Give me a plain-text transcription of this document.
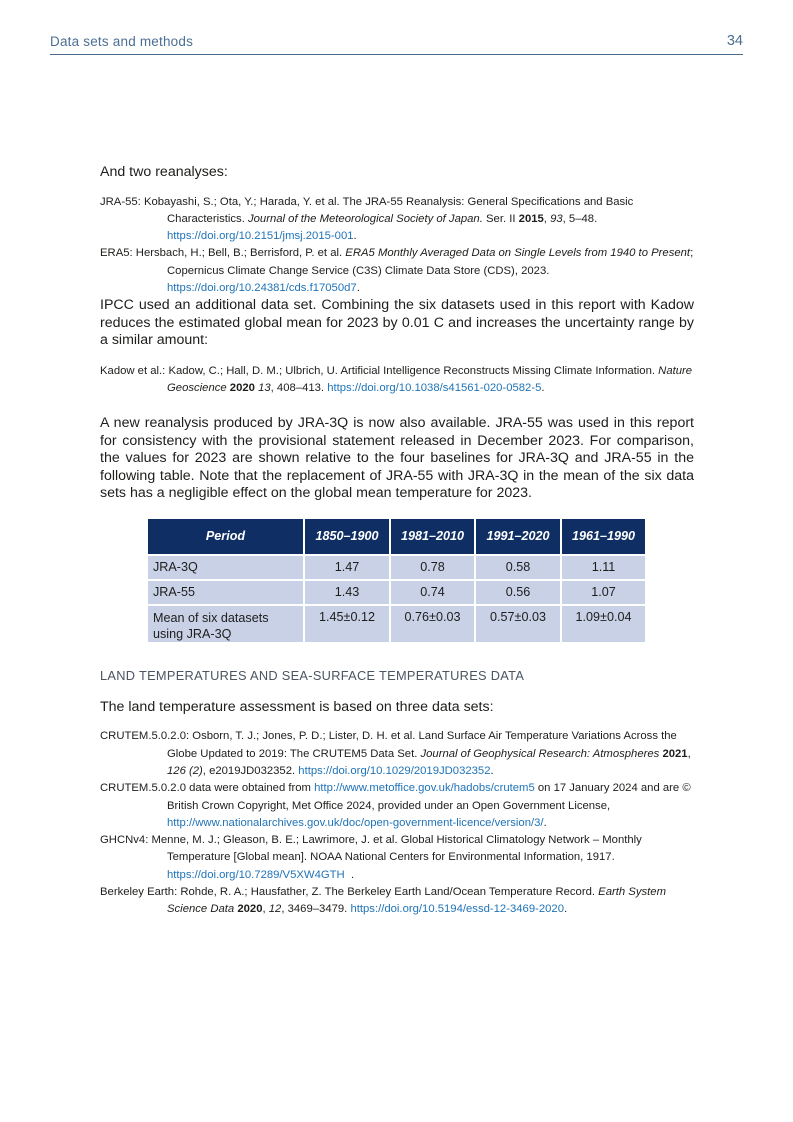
Data sets and methods	34

And two reanalyses:

JRA-55: Kobayashi, S.; Ota, Y.; Harada, Y. et al. The JRA-55 Reanalysis: General Specifications and Basic Characteristics. Journal of the Meteorological Society of Japan. Ser. II 2015, 93, 5–48. https://doi.org/10.2151/jmsj.2015-001.

ERA5: Hersbach, H.; Bell, B.; Berrisford, P. et al. ERA5 Monthly Averaged Data on Single Levels from 1940 to Present; Copernicus Climate Change Service (C3S) Climate Data Store (CDS), 2023. https://doi.org/10.24381/cds.f17050d7.

IPCC used an additional data set. Combining the six datasets used in this report with Kadow reduces the estimated global mean for 2023 by 0.01 C and increases the uncertainty range by a similar amount:

Kadow et al.: Kadow, C.; Hall, D. M.; Ulbrich, U. Artificial Intelligence Reconstructs Missing Climate Information. Nature Geoscience 2020 13, 408–413. https://doi.org/10.1038/s41561-020-0582-5.

A new reanalysis produced by JRA-3Q is now also available. JRA-55 was used in this report for consistency with the provisional statement released in December 2023. For comparison, the values for 2023 are shown relative to the four baselines for JRA-3Q and JRA-55 in the following table. Note that the replacement of JRA-55 with JRA-3Q in the mean of the six data sets has a negligible effect on the global mean temperature for 2023.

Period	1850–1900	1981–2010	1991–2020	1961–1990
JRA-3Q	1.47	0.78	0.58	1.11
JRA-55	1.43	0.74	0.56	1.07
Mean of six datasets using JRA-3Q	1.45±0.12	0.76±0.03	0.57±0.03	1.09±0.04

LAND TEMPERATURES AND SEA-SURFACE TEMPERATURES DATA

The land temperature assessment is based on three data sets:

CRUTEM.5.0.2.0: Osborn, T. J.; Jones, P. D.; Lister, D. H. et al. Land Surface Air Temperature Variations Across the Globe Updated to 2019: The CRUTEM5 Data Set. Journal of Geophysical Research: Atmospheres 2021, 126 (2), e2019JD032352. https://doi.org/10.1029/2019JD032352.

CRUTEM.5.0.2.0 data were obtained from http://www.metoffice.gov.uk/hadobs/crutem5 on 17 January 2024 and are © British Crown Copyright, Met Office 2024, provided under an Open Government License, http://www.nationalarchives.gov.uk/doc/open-government-licence/version/3/.

GHCNv4: Menne, M. J.; Gleason, B. E.; Lawrimore, J. et al. Global Historical Climatology Network – Monthly Temperature [Global mean]. NOAA National Centers for Environmental Information, 1917. https://doi.org/10.7289/V5XW4GTH  .

Berkeley Earth: Rohde, R. A.; Hausfather, Z. The Berkeley Earth Land/Ocean Temperature Record. Earth System Science Data 2020, 12, 3469–3479. https://doi.org/10.5194/essd-12-3469-2020.
